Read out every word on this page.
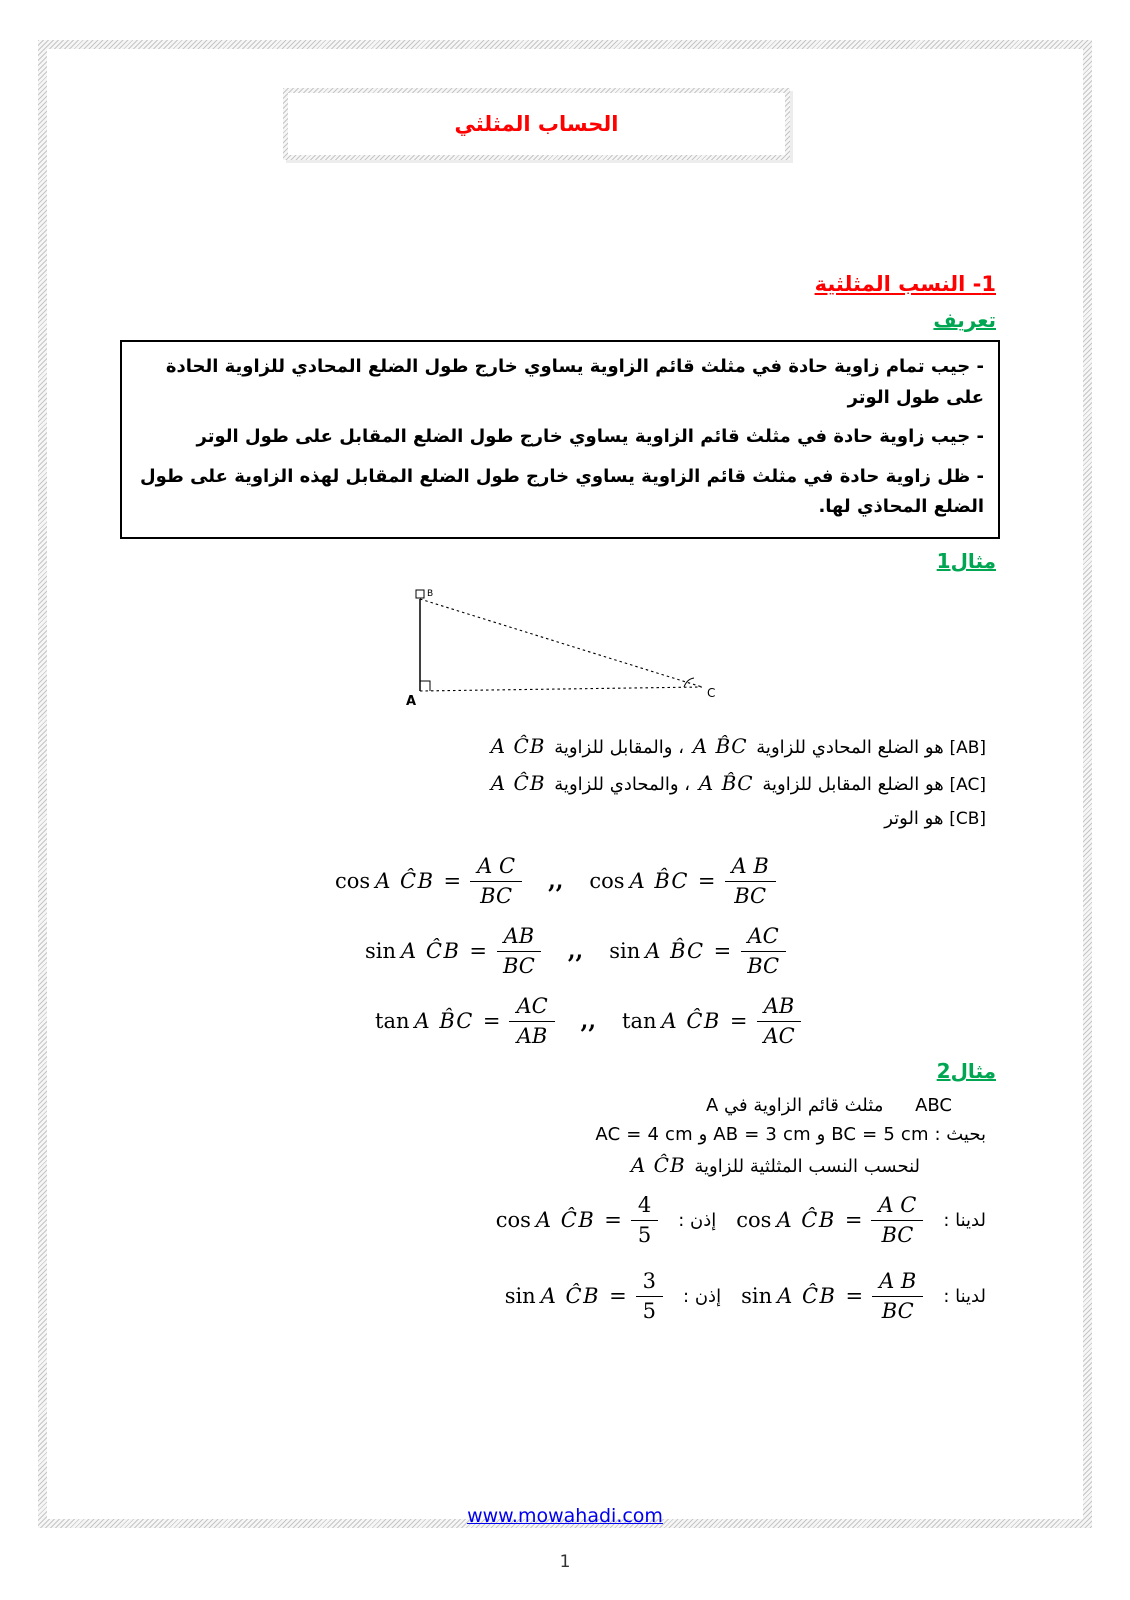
الحساب المثلثي
1- النسب المثلثية
تعريف

- جيب تمام زاوية حادة في مثلث قائم الزاوية يساوي خارج طول الضلع المحادي للزاوية الحادة على طول الوتر

- جيب زاوية حادة في مثلث قائم الزاوية يساوي خارج طول الضلع المقابل على طول الوتر

- ظل زاوية حادة في مثلث قائم الزاوية يساوي خارج طول الضلع المقابل لهذه الزاوية على طول الضلع المحاذي لها.

مثال1
B
A
C

[AB] هو الضلع المحادي للزاوية A B̂C ، والمقابل للزاوية A ĈB

[AC] هو الضلع المقابل للزاوية A B̂C ، والمحادي للزاوية A ĈB

[CB] هو الوتر

cos A ĈB = $\frac{\text{A C}}{BC}$ ,, cos A B̂C = $\frac{\text{A B}}{BC}$
sin A ĈB = $\frac{AB}{BC}$ ,, sin A B̂C = $\frac{AC}{BC}$
tan A B̂C = $\frac{AC}{AB}$ ,, tan A ĈB = $\frac{AB}{AC}$
مثال2

ABC مثلث قائم الزاوية في A

بحيث : BC = 5 cm و AB = 3 cm و AC = 4 cm

لنحسب النسب المثلثية للزاوية A ĈB

لدينا :
cos A ĈB = $\frac{\text{A C}}{BC}$
إذن :
cos A ĈB = $\frac{4}{5}$
لدينا :
sin A ĈB = $\frac{\text{A B}}{BC}$
إذن :
sin A ĈB = $\frac{3}{5}$
www.mowahadi.com
1
